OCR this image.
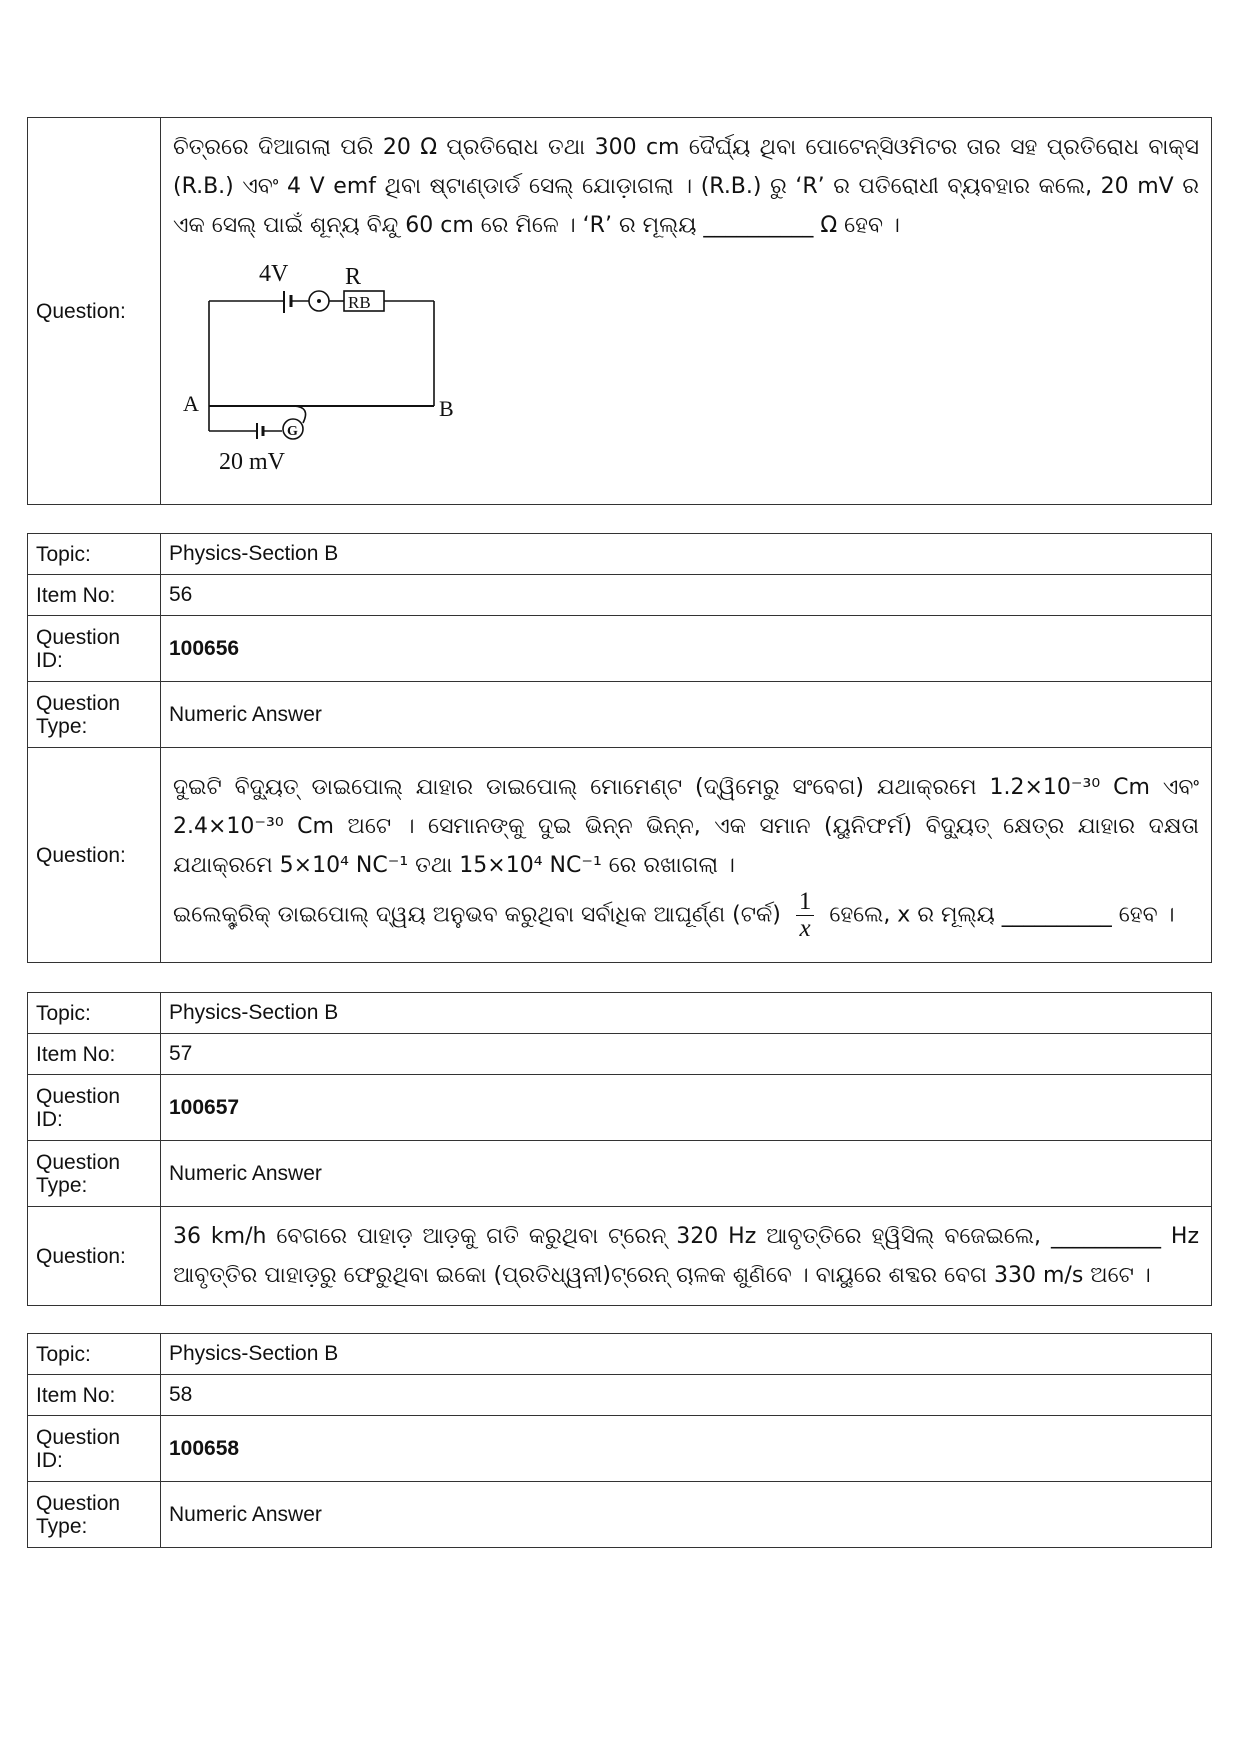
Question:	

ଚିତ୍ରରେ ଦିଆଗଲା ପରି 20 Ω ପ୍ରତିରୋଧ ତଥା 300 cm ଦୈର୍ଘ୍ୟ ଥିବା ପୋଟେନ୍‌ସିଓମିଟର ତାର ସହ ପ୍ରତିରୋଧ ବାକ୍ସ (R.B.) ଏବଂ 4 V emf ଥିବା ଷ୍ଟାଣ୍ଡାର୍ଡ ସେଲ୍ ଯୋଡ଼ାଗଲା । (R.B.) ରୁ ‘R’ ର ପତିରୋଧୀ ବ୍ୟବହାର କଲେ, 20 mV ର ଏକ ସେଲ୍ ପାଇଁ ଶୂନ୍ୟ ବିନ୍ଦୁ 60 cm ରେ ମିଳେ । ‘R’ ର ମୂଲ୍ୟ __________ Ω ହେବ ।

4V R
RB
A	B
G
20 mV
Topic:	Physics-Section B
Item No:	56
Question ID:	100656
Question Type:	Numeric Answer
Question:	ଦୁଇଟି ବିଦ୍ୟୁତ୍ ଡାଇପୋଲ୍ ଯାହାର ଡାଇପୋଲ୍ ମୋମେଣ୍ଟ (ଦ୍ୱିମେରୁ ସଂବେଗ) ଯଥାକ୍ରମେ 1.2×10⁻³⁰ Cm ଏବଂ 2.4×10⁻³⁰ Cm ଅଟେ । ସେମାନଙ୍କୁ ଦୁଇ ଭିନ୍ନ ଭିନ୍ନ, ଏକ ସମାନ (ୟୁନିଫର୍ମ) ବିଦ୍ୟୁତ୍ କ୍ଷେତ୍ର ଯାହାର ଦକ୍ଷତା ଯଥାକ୍ରମେ 5×10⁴ NC⁻¹ ତଥା 15×10⁴ NC⁻¹ ରେ ରଖାଗଲା ।

ଇଲେକ୍ଟ୍ରିକ୍ ଡାଇପୋଲ୍ ଦ୍ୱୟ ଅନୁଭବ କରୁଥିବା ସର୍ବାଧିକ ଆଘୂର୍ଣ୍ଣ (ଟର୍କ) $\frac{1}{x}$ ହେଲେ, x ର ମୂଲ୍ୟ __________ ହେବ ।

Topic:	Physics-Section B
Item No:	57
Question ID:	100657
Question Type:	Numeric Answer
Question:	36 km/h ବେଗରେ ପାହାଡ଼ ଆଡ଼କୁ ଗତି କରୁଥିବା ଟ୍ରେନ୍ 320 Hz ଆବୃତ୍ତିରେ ହ୍ୱିସିଲ୍ ବଜେଇଲେ, __________ Hz ଆବୃତ୍ତିର ପାହାଡ଼ରୁ ଫେରୁଥିବା ଇକୋ (ପ୍ରତିଧ୍ୱନୀ)ଟ୍ରେନ୍ ଚାଳକ ଶୁଣିବେ । ବାୟୁରେ ଶବ୍ଦର ବେଗ 330 m/s ଅଟେ ।

Topic:	Physics-Section B
Item No:	58
Question ID:	100658
Question Type:	Numeric Answer
